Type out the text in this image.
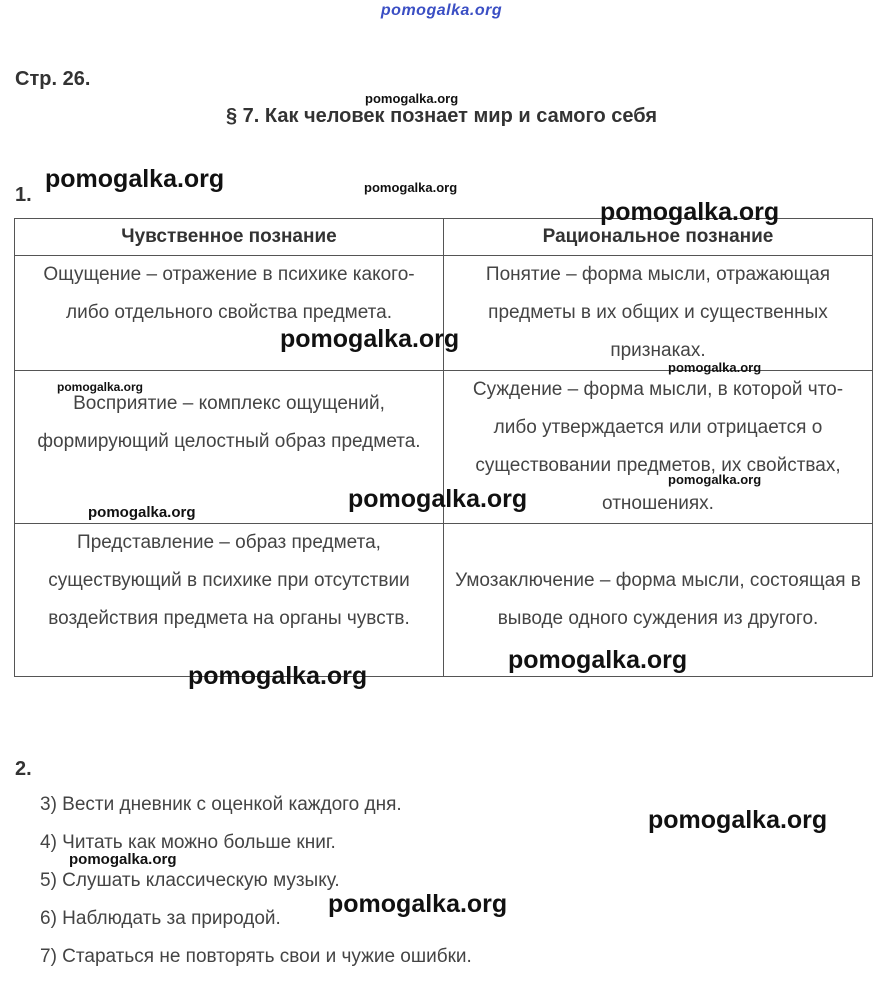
pomogalka.org
Стр. 26.
§ 7. Как человек познает мир и самого себя
1.
Чувственное познание	Рациональное познание
Ощущение – отражение в психике какого-либо отдельного свойства предмета.	Понятие – форма мысли, отражающая предметы в их общих и существенных признаках.
Восприятие – комплекс ощущений, формирующий целостный образ предмета.	Суждение – форма мысли, в которой что-либо утверждается или отрицается о существовании предметов, их свойствах, отношениях.
Представление – образ предмета, существующий в психике при отсутствии воздействия предмета на органы чувств.	Умозаключение – форма мысли, состоящая в выводе одного суждения из другого.
2.
3) Вести дневник с оценкой каждого дня.
4) Читать как можно больше книг.
5) Слушать классическую музыку.
6) Наблюдать за природой.
7) Стараться не повторять свои и чужие ошибки.
pomogalka.org
pomogalka.org	pomogalka.org
pomogalka.org
pomogalka.org
pomogalka.org
pomogalka.org
pomogalka.org
pomogalka.org
pomogalka.org
pomogalka.org
pomogalka.org
pomogalka.org
pomogalka.org
pomogalka.org
